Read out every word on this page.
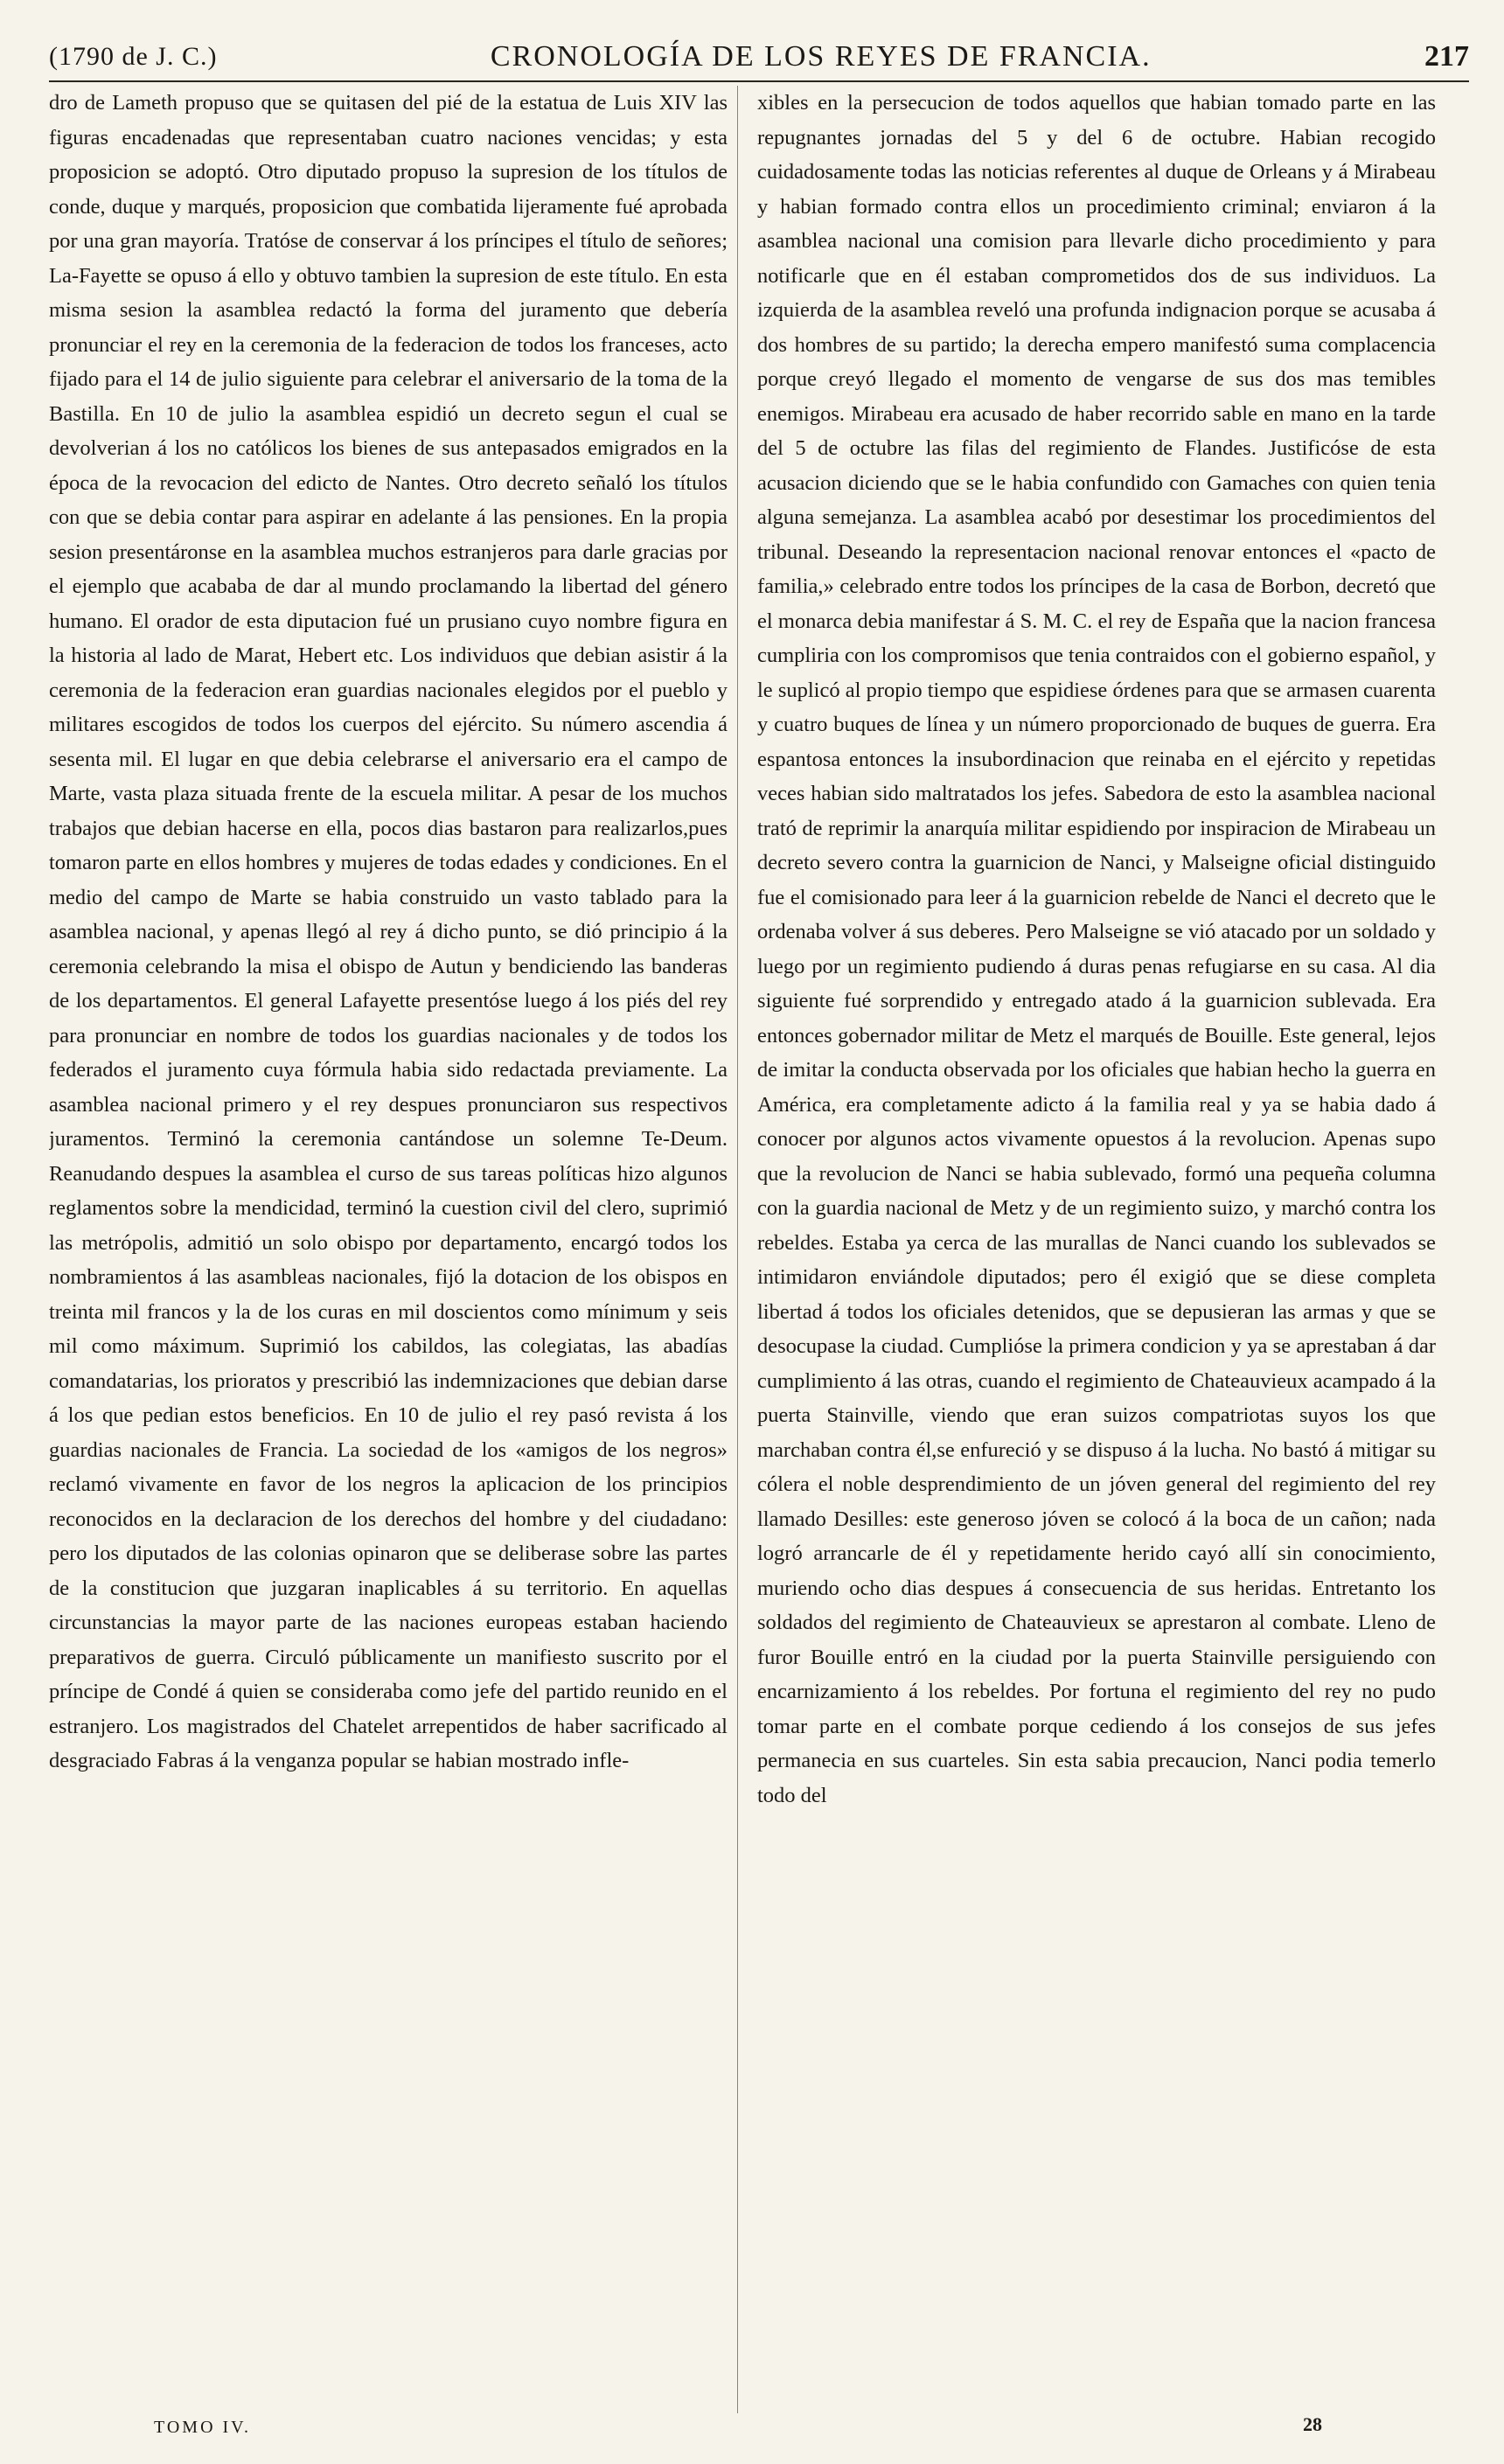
(1790 de J. C.)	CRONOLOGÍA DE LOS REYES DE FRANCIA.	217

dro de Lameth propuso que se quitasen del pié de la estatua de Luis XIV las figuras encadenadas que representaban cuatro naciones vencidas; y esta proposicion se adoptó. Otro diputado propuso la supresion de los títulos de conde, duque y marqués, proposicion que combatida lijeramente fué aprobada por una gran mayoría. Tratóse de conservar á los príncipes el título de señores; La-Fayette se opuso á ello y obtuvo tambien la supresion de este título. En esta misma sesion la asamblea redactó la forma del juramento que debería pronunciar el rey en la ceremonia de la federacion de todos los franceses, acto fijado para el 14 de julio siguiente para celebrar el aniversario de la toma de la Bastilla. En 10 de julio la asamblea espidió un decreto segun el cual se devolverian á los no católicos los bienes de sus antepasados emigrados en la época de la revocacion del edicto de Nantes. Otro decreto señaló los títulos con que se debia contar para aspirar en adelante á las pensiones. En la propia sesion presentáronse en la asamblea muchos estranjeros para darle gracias por el ejemplo que acababa de dar al mundo proclamando la libertad del género humano. El orador de esta diputacion fué un prusiano cuyo nombre figura en la historia al lado de Marat, Hebert etc. Los individuos que debian asistir á la ceremonia de la federacion eran guardias nacionales elegidos por el pueblo y militares escogidos de todos los cuerpos del ejército. Su número ascendia á sesenta mil. El lugar en que debia celebrarse el aniversario era el campo de Marte, vasta plaza situada frente de la escuela militar. A pesar de los muchos trabajos que debian hacerse en ella, pocos dias bastaron para realizarlos,pues tomaron parte en ellos hombres y mujeres de todas edades y condiciones. En el medio del campo de Marte se habia construido un vasto tablado para la asamblea nacional, y apenas llegó al rey á dicho punto, se dió principio á la ceremonia celebrando la misa el obispo de Autun y bendiciendo las banderas de los departamentos. El general Lafayette presentóse luego á los piés del rey para pronunciar en nombre de todos los guardias nacionales y de todos los federados el juramento cuya fórmula habia sido redactada previamente. La asamblea nacional primero y el rey despues pronunciaron sus respectivos juramentos. Terminó la ceremonia cantándose un solemne Te-Deum. Reanudando despues la asamblea el curso de sus tareas políticas hizo algunos reglamentos sobre la mendicidad, terminó la cuestion civil del clero, suprimió las metrópolis, admitió un solo obispo por departamento, encargó todos los nombramientos á las asambleas nacionales, fijó la dotacion de los obispos en treinta mil francos y la de los curas en mil doscientos como mínimum y seis mil como máximum. Suprimió los cabildos, las colegiatas, las abadías comandatarias, los prioratos y prescribió las indemnizaciones que debian darse á los que pedian estos beneficios. En 10 de julio el rey pasó revista á los guardias nacionales de Francia. La sociedad de los «amigos de los negros» reclamó vivamente en favor de los negros la aplicacion de los principios reconocidos en la declaracion de los derechos del hombre y del ciudadano: pero los diputados de las colonias opinaron que se deliberase sobre las partes de la constitucion que juzgaran inaplicables á su territorio. En aquellas circunstancias la mayor parte de las naciones europeas estaban haciendo preparativos de guerra. Circuló públicamente un manifiesto suscrito por el príncipe de Condé á quien se consideraba como jefe del partido reunido en el estranjero. Los magistrados del Chatelet arrepentidos de haber sacrificado al desgraciado Fabras á la venganza popular se habian mostrado infle-

xibles en la persecucion de todos aquellos que habian tomado parte en las repugnantes jornadas del 5 y del 6 de octubre. Habian recogido cuidadosamente todas las noticias referentes al duque de Orleans y á Mirabeau y habian formado contra ellos un procedimiento criminal; enviaron á la asamblea nacional una comision para llevarle dicho procedimiento y para notificarle que en él estaban comprometidos dos de sus individuos. La izquierda de la asamblea reveló una profunda indignacion porque se acusaba á dos hombres de su partido; la derecha empero manifestó suma complacencia porque creyó llegado el momento de vengarse de sus dos mas temibles enemigos. Mirabeau era acusado de haber recorrido sable en mano en la tarde del 5 de octubre las filas del regimiento de Flandes. Justificóse de esta acusacion diciendo que se le habia confundido con Gamaches con quien tenia alguna semejanza. La asamblea acabó por desestimar los procedimientos del tribunal. Deseando la representacion nacional renovar entonces el «pacto de familia,» celebrado entre todos los príncipes de la casa de Borbon, decretó que el monarca debia manifestar á S. M. C. el rey de España que la nacion francesa cumpliria con los compromisos que tenia contraidos con el gobierno español, y le suplicó al propio tiempo que espidiese órdenes para que se armasen cuarenta y cuatro buques de línea y un número proporcionado de buques de guerra. Era espantosa entonces la insubordinacion que reinaba en el ejército y repetidas veces habian sido maltratados los jefes. Sabedora de esto la asamblea nacional trató de reprimir la anarquía militar espidiendo por inspiracion de Mirabeau un decreto severo contra la guarnicion de Nanci, y Malseigne oficial distinguido fue el comisionado para leer á la guarnicion rebelde de Nanci el decreto que le ordenaba volver á sus deberes. Pero Malseigne se vió atacado por un soldado y luego por un regimiento pudiendo á duras penas refugiarse en su casa. Al dia siguiente fué sorprendido y entregado atado á la guarnicion sublevada. Era entonces gobernador militar de Metz el marqués de Bouille. Este general, lejos de imitar la conducta observada por los oficiales que habian hecho la guerra en América, era completamente adicto á la familia real y ya se habia dado á conocer por algunos actos vivamente opuestos á la revolucion. Apenas supo que la revolucion de Nanci se habia sublevado, formó una pequeña columna con la guardia nacional de Metz y de un regimiento suizo, y marchó contra los rebeldes. Estaba ya cerca de las murallas de Nanci cuando los sublevados se intimidaron enviándole diputados; pero él exigió que se diese completa libertad á todos los oficiales detenidos, que se depusieran las armas y que se desocupase la ciudad. Cumplióse la primera condicion y ya se aprestaban á dar cumplimiento á las otras, cuando el regimiento de Chateauvieux acampado á la puerta Stainville, viendo que eran suizos compatriotas suyos los que marchaban contra él,se enfureció y se dispuso á la lucha. No bastó á mitigar su cólera el noble desprendimiento de un jóven general del regimiento del rey llamado Desilles: este generoso jóven se colocó á la boca de un cañon; nada logró arrancarle de él y repetidamente herido cayó allí sin conocimiento, muriendo ocho dias despues á consecuencia de sus heridas. Entretanto los soldados del regimiento de Chateauvieux se aprestaron al combate. Lleno de furor Bouille entró en la ciudad por la puerta Stainville persiguiendo con encarnizamiento á los rebeldes. Por fortuna el regimiento del rey no pudo tomar parte en el combate porque cediendo á los consejos de sus jefes permanecia en sus cuarteles. Sin esta sabia precaucion, Nanci podia temerlo todo del

TOMO IV.	28
